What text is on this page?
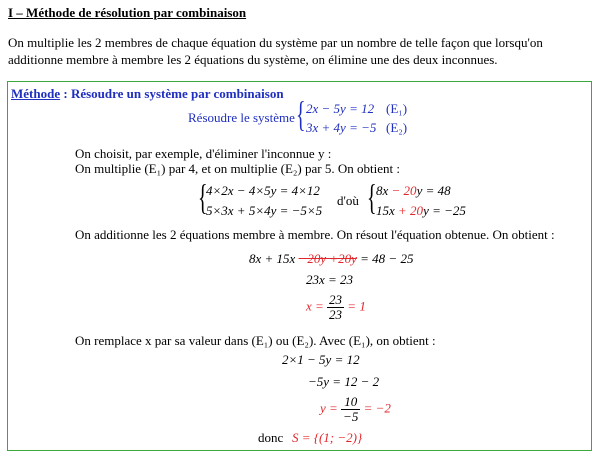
I – Méthode de résolution par combinaison
On multiplie les 2 membres de chaque équation du système par un nombre de telle façon que lorsqu'on additionne membre à membre les 2 équations du système, on élimine une des deux inconnues.
Méthode : Résoudre un système par combinaison
Résoudre le système { 2x − 5y = 12 (E₁)
3x + 4y = −5 (E₂)
On choisit, par exemple, d'éliminer l'inconnue y :
On multiplie (E₁) par 4, et on multiplie (E₂) par 5. On obtient :
{
4×2x − 4×5y = 4×12
5×3x + 5×4y = −5×5
d'où { 8x − 20y = 48
15x + 20y = −25
On additionne les 2 équations membre à membre. On résout l'équation obtenue. On obtient :
8x + 15x −20y +20y = 48 − 25
23x = 23
$x = \frac{23}{23} = 1$
On remplace x par sa valeur dans (E₁) ou (E₂). Avec (E₁), on obtient :
2×1 − 5y = 12
−5y = 12 − 2
$y = \frac{10}{-5} = -2$
donc S = {(1; −2)}
